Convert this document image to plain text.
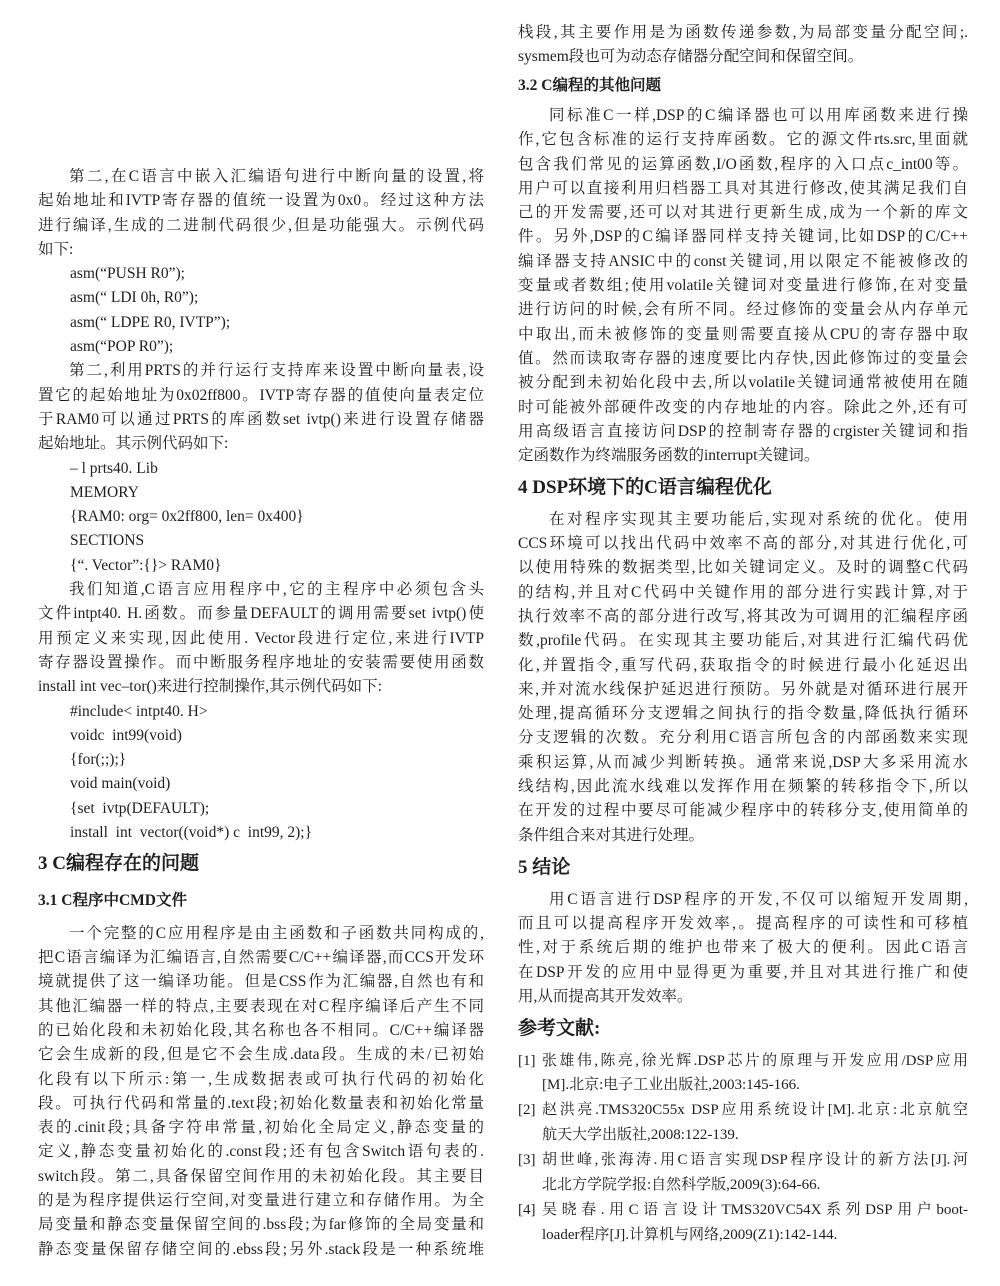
第二,在C语言中嵌入汇编语句进行中断向量的设置,将
起始地址和IVTP寄存器的值统一设置为0x0。经过这种方法
进行编译,生成的二进制代码很少,但是功能强大。示例代码
如下:
asm(“PUSH R0”);
asm(“ LDI 0h, R0”);
asm(“ LDPE R0, IVTP”);
asm(“POP R0”);
第二,利用PRTS的并行运行支持库来设置中断向量表,设
置它的起始地址为0x02ff800。IVTP寄存器的值使向量表定位
于RAM0可以通过PRTS的库函数set ivtp()来进行设置存储器
起始地址。其示例代码如下:
– l prts40. Lib
MEMORY
{RAM0: org= 0x2ff800, len= 0x400}
SECTIONS
{“. Vector”:{}> RAM0}
我们知道,C语言应用程序中,它的主程序中必须包含头
文件intpt40. H.函数。而参量DEFAULT的调用需要set ivtp()使
用预定义来实现,因此使用. Vector段进行定位,来进行IVTP
寄存器设置操作。而中断服务程序地址的安装需要使用函数
install int vec–tor()来进行控制操作,其示例代码如下:
#include< intpt40. H>
voidc  int99(void)
{for(;;);}
void main(void)
{set  ivtp(DEFAULT);
install  int  vector((void*) c  int99, 2);}
3 C编程存在的问题
3.1 C程序中CMD文件
一个完整的C应用程序是由主函数和子函数共同构成的,
把C语言编译为汇编语言,自然需要C/C++编译器,而CCS开发环
境就提供了这一编译功能。但是CSS作为汇编器,自然也有和
其他汇编器一样的特点,主要表现在对C程序编译后产生不同
的已始化段和未初始化段,其名称也各不相同。C/C++编译器
它会生成新的段,但是它不会生成.data段。生成的未/已初始
化段有以下所示:第一,生成数据表或可执行代码的初始化
段。可执行代码和常量的.text段;初始化数量表和初始化常量
表的.cinit段;具备字符串常量,初始化全局定义,静态变量的
定义,静态变量初始化的.const段;还有包含Switch语句表的.
switch段。第二,具备保留空间作用的未初始化段。其主要目
的是为程序提供运行空间,对变量进行建立和存储作用。为全
局变量和静态变量保留空间的.bss段;为far修饰的全局变量和
静态变量保留存储空间的.ebss段;另外.stack段是一种系统堆
栈段,其主要作用是为函数传递参数,为局部变量分配空间;.
sysmem段也可为动态存储器分配空间和保留空间。
3.2 C编程的其他问题
同标准C一样,DSP的C编译器也可以用库函数来进行操
作,它包含标准的运行支持库函数。它的源文件rts.src,里面就
包含我们常见的运算函数,I/O函数,程序的入口点c_int00等。
用户可以直接利用归档器工具对其进行修改,使其满足我们自
己的开发需要,还可以对其进行更新生成,成为一个新的库文
件。另外,DSP的C编译器同样支持关键词,比如DSP的C/C++
编译器支持ANSIC中的const关键词,用以限定不能被修改的
变量或者数组;使用volatile关键词对变量进行修饰,在对变量
进行访问的时候,会有所不同。经过修饰的变量会从内存单元
中取出,而未被修饰的变量则需要直接从CPU的寄存器中取
值。然而读取寄存器的速度要比内存快,因此修饰过的变量会
被分配到未初始化段中去,所以volatile关键词通常被使用在随
时可能被外部硬件改变的内存地址的内容。除此之外,还有可
用高级语言直接访问DSP的控制寄存器的crgister关键词和指
定函数作为终端服务函数的interrupt关键词。
4 DSP环境下的C语言编程优化
在对程序实现其主要功能后,实现对系统的优化。使用
CCS环境可以找出代码中效率不高的部分,对其进行优化,可
以使用特殊的数据类型,比如关键词定义。及时的调整C代码
的结构,并且对C代码中关键作用的部分进行实践计算,对于
执行效率不高的部分进行改写,将其改为可调用的汇编程序函
数,profile代码。在实现其主要功能后,对其进行汇编代码优
化,并置指令,重写代码,获取指令的时候进行最小化延迟出
来,并对流水线保护延迟进行预防。另外就是对循环进行展开
处理,提高循环分支逻辑之间执行的指令数量,降低执行循环
分支逻辑的次数。充分利用C语言所包含的内部函数来实现
乘积运算,从而减少判断转换。通常来说,DSP大多采用流水
线结构,因此流水线难以发挥作用在频繁的转移指令下,所以
在开发的过程中要尽可能减少程序中的转移分支,使用简单的
条件组合来对其进行处理。
5 结论
用C语言进行DSP程序的开发,不仅可以缩短开发周期,
而且可以提高程序开发效率,。提高程序的可读性和可移植
性,对于系统后期的维护也带来了极大的便利。因此C语言
在DSP开发的应用中显得更为重要,并且对其进行推广和使
用,从而提高其开发效率。
参考文献:
[1] 张雄伟,陈亮,徐光辉.DSP芯片的原理与开发应用/DSP应用
[M].北京:电子工业出版社,2003:145-166.
[2] 赵洪亮.TMS320C55x DSP应用系统设计[M].北京:北京航空
航天大学出版社,2008:122-139.
[3] 胡世峰,张海涛.用C语言实现DSP程序设计的新方法[J].河
北北方学院学报:自然科学版,2009(3):64-66.
[4] 吴晓春.用C语言设计TMS320VC54X系列DSP用户boot-
loader程序[J].计算机与网络,2009(Z1):142-144.
